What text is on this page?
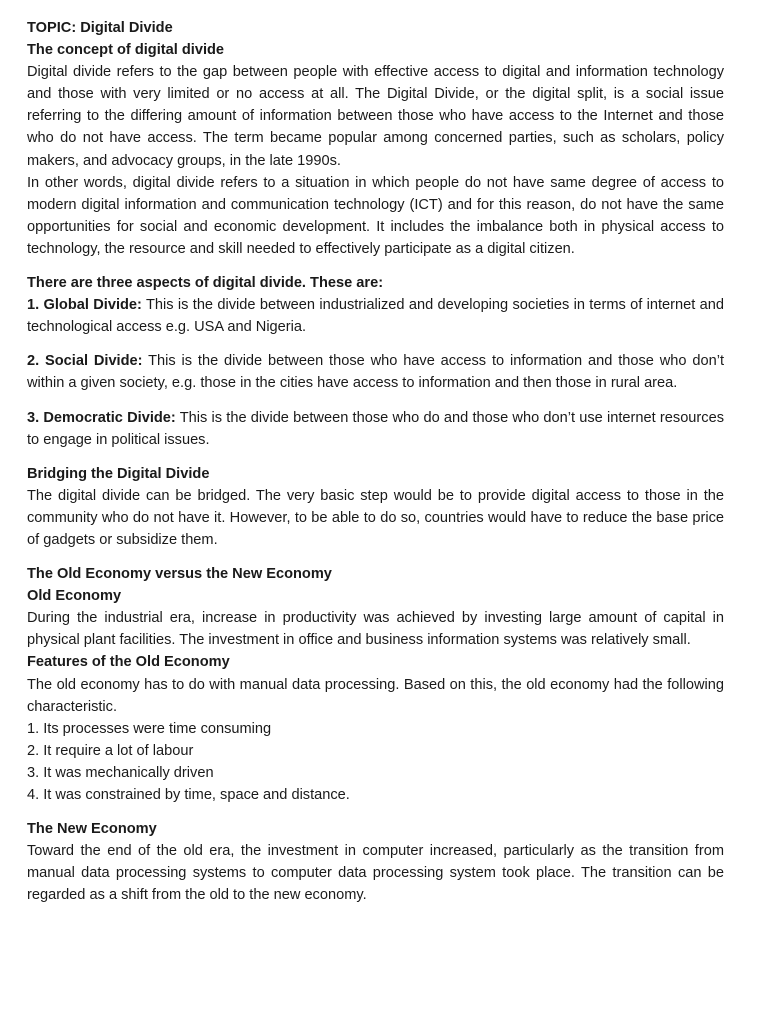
TOPIC: Digital Divide

The concept of digital divide

Digital divide refers to the gap between people with effective access to digital and information technology and those with very limited or no access at all. The Digital Divide, or the digital split, is a social issue referring to the differing amount of information between those who have access to the Internet and those who do not have access. The term became popular among concerned parties, such as scholars, policy makers, and advocacy groups, in the late 1990s.

In other words, digital divide refers to a situation in which people do not have same degree of access to modern digital information and communication technology (ICT) and for this reason, do not have the same opportunities for social and economic development. It includes the imbalance both in physical access to technology, the resource and skill needed to effectively participate as a digital citizen.

There are three aspects of digital divide. These are:

1. Global Divide: This is the divide between industrialized and developing societies in terms of internet and technological access e.g. USA and Nigeria.

2. Social Divide: This is the divide between those who have access to information and those who don’t within a given society, e.g. those in the cities have access to information and then those in rural area.

3. Democratic Divide: This is the divide between those who do and those who don’t use internet resources to engage in political issues.

Bridging the Digital Divide

The digital divide can be bridged. The very basic step would be to provide digital access to those in the community who do not have it. However, to be able to do so, countries would have to reduce the base price of gadgets or subsidize them.

The Old Economy versus the New Economy

Old Economy

During the industrial era, increase in productivity was achieved by investing large amount of capital in physical plant facilities. The investment in office and business information systems was relatively small.

Features of the Old Economy

The old economy has to do with manual data processing. Based on this, the old economy had the following characteristic.

1. Its processes were time consuming

2. It require a lot of labour

3. It was mechanically driven

4. It was constrained by time, space and distance.

The New Economy

Toward the end of the old era, the investment in computer increased, particularly as the transition from manual data processing systems to computer data processing system took place. The transition can be regarded as a shift from the old to the new economy.
